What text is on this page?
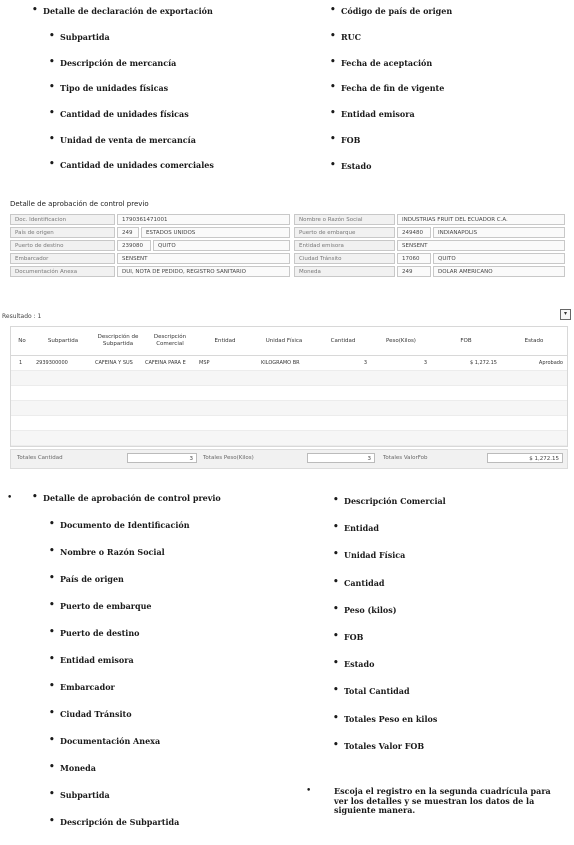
• Detalle de declaración de exportación
• Subpartida
• Descripción de mercancía
• Tipo de unidades físicas
• Cantidad de unidades físicas
• Unidad de venta de mercancía
• Cantidad de unidades comerciales
• Código de país de origen
• RUC
• Fecha de aceptación
• Fecha de fin de vigente
• Entidad emisora
• FOB
• Estado
Detalle de aprobación de control previo
Doc. Identificacion	1790361471001	Nombre o Razón Social	INDUSTRIAS FRUIT DEL ECUADOR C.A.
País de origen	249	ESTADOS UNIDOS	Puerto de embarque	249480	INDIANAPOLIS
Puerto de destino	239080	QUITO	Entidad emisora	SENSENT
Embarcador	SENSENT	Ciudad Tránsito	17060	QUITO
Documentación Anexa	DUI, NOTA DE PEDIDO, REGISTRO SANITARIO	Moneda	249	DOLAR AMERICANO
Resultado : 1	▾
No	Subpartida
Descripción de Subpartida
Descripción Comercial
Entidad	Unidad Física	Cantidad	Peso(Kilos)	FOB	Estado
1	2939300000	CAFEINA Y SUS	CAFEINA PARA E	MSP	KILOGRAMO BR	3	3	$ 1,272.15	Aprobado
Totales Cantidad	3	Totales Peso(Kilos)	3	Totales ValorFob	$ 1,272.15
•
•	Detalle de aprobación de control previo
• Documento de Identificación
• Nombre o Razón Social
• País de origen
• Puerto de embarque
• Puerto de destino
• Entidad emisora
• Embarcador
• Ciudad Tránsito
• Documentación Anexa
• Moneda
• Subpartida
• Descripción de Subpartida
• Descripción Comercial
• Entidad
• Unidad Física
• Cantidad
• Peso (kilos)
• FOB
• Estado
• Total Cantidad
• Totales Peso en kilos
• Totales Valor FOB
•	Escoja el registro en la segunda cuadrícula para ver los detalles y se muestran los datos de la siguiente manera.
